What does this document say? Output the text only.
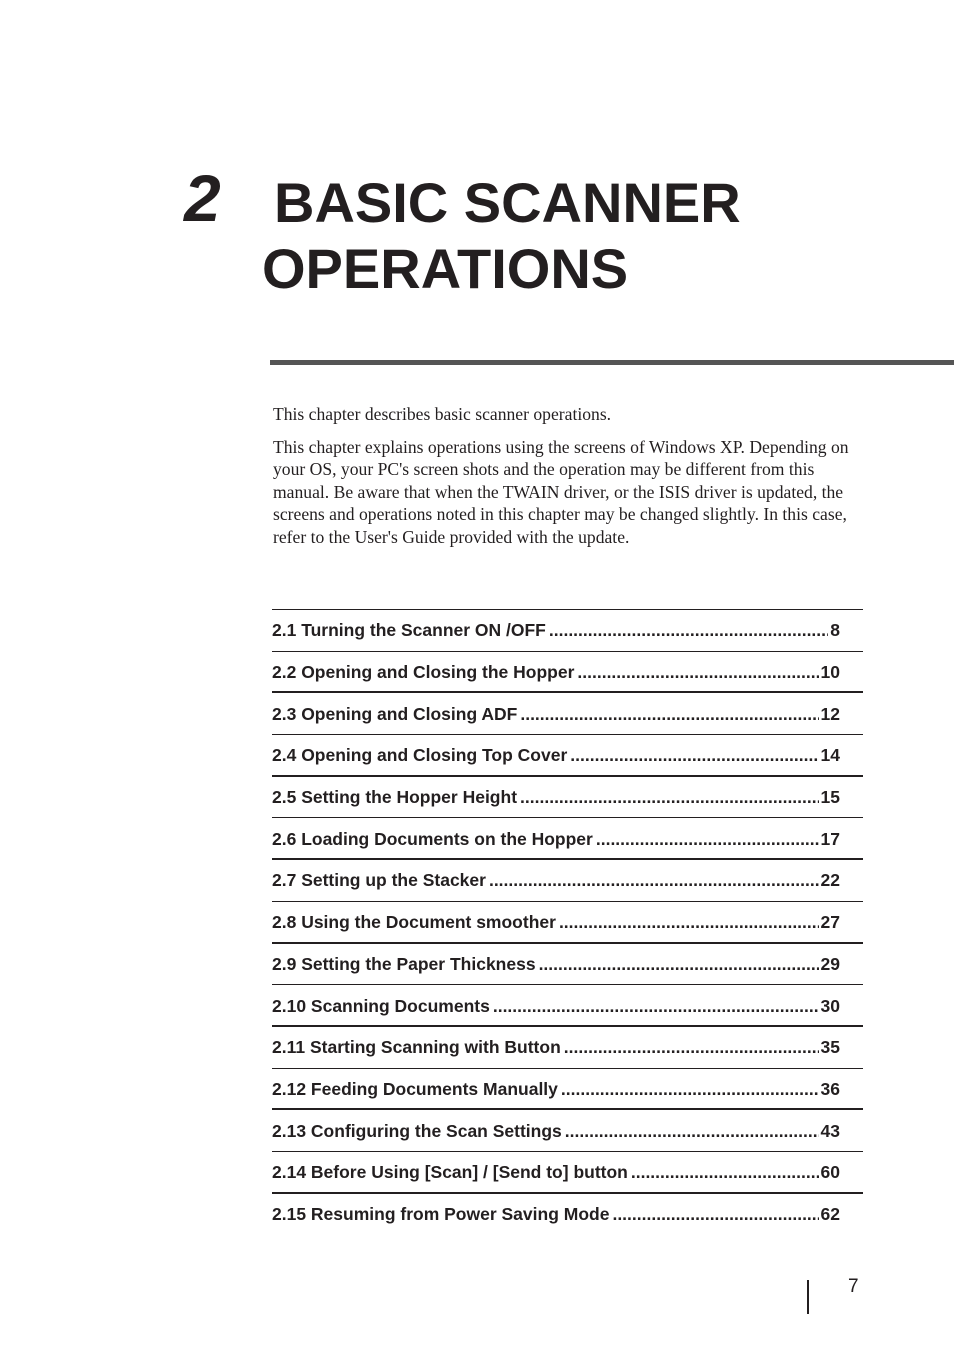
2 BASIC SCANNER
OPERATIONS

This chapter describes basic scanner operations.

This chapter explains operations using the screens of Windows XP. Depending on your OS, your PC's screen shots and the operation may be different from this manual. Be aware that when the TWAIN driver, or the ISIS driver is updated, the screens and operations noted in this chapter may be changed slightly. In this case, refer to the User's Guide provided with the update.

2.1 Turning the Scanner ON /OFF .....	8
2.2 Opening and Closing the Hopper .....	10
2.3 Opening and Closing ADF .....	12
2.4 Opening and Closing Top Cover .....	14
2.5 Setting the Hopper Height .....	15
2.6 Loading Documents on the Hopper .....	17
2.7 Setting up the Stacker .....	22
2.8 Using the Document smoother .....	27
2.9 Setting the Paper Thickness .....	29
2.10 Scanning Documents .....	30
2.11 Starting Scanning with Button .....	35
2.12 Feeding Documents Manually .....	36
2.13 Configuring the Scan Settings .....	43
2.14 Before Using [Scan] / [Send to] button .....	60
2.15 Resuming from Power Saving Mode .....	62
7
